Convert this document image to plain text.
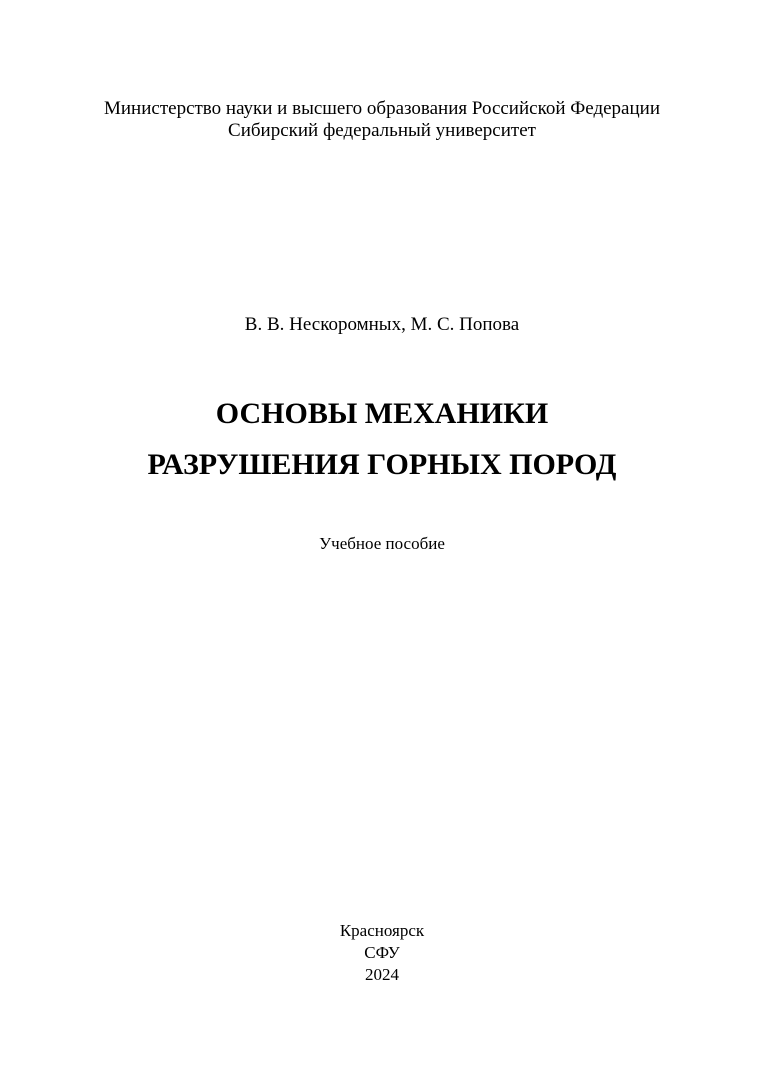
Министерство науки и высшего образования Российской Федерации
Сибирский федеральный университет
В. В. Нескоромных, М. С. Попова
ОСНОВЫ МЕХАНИКИ
РАЗРУШЕНИЯ ГОРНЫХ ПОРОД
Учебное пособие
Красноярск
СФУ
2024
